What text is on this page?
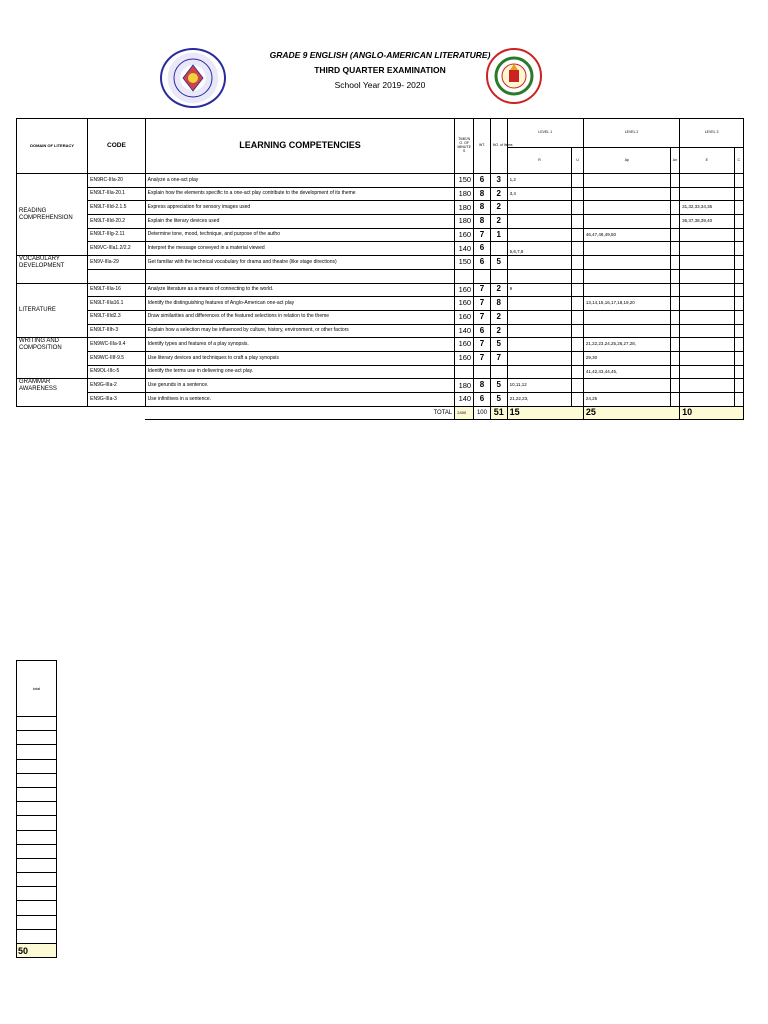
GRADE 9 ENGLISH (ANGLO-AMERICAN LITERATURE)
THIRD QUARTER EXAMINATION
School Year 2019- 2020
DOMAIN OF LITERACY	CODE	LEARNING COMPETENCIES	TIME/N O. OF MINUTE S	WT.	NO. of Items	LEVEL 1		LEVEL 2		LEVEL 3	
						R	U	Ap	An	E	C
READING COMPREHENSION	EN9RC-IIIa-20	Analyze a one-act play	150	6	3	1,2					
	EN9LT-IIIa-20.1	Explain how the elements specific to a one-act play contribute to the development of its theme	180	8	2	3,4					
	EN9LT-IIId-2.1.5	Express appreciation for sensory images used	180	8	2					31,32,33,34,35	
	EN9LT-IIId-20.2	Explain the literary devices used	180	8	2					36,37,38,39,40	
	EN9LT-IIIg-2.11	Determine tone, mood, technique, and purpose of the autho	160	7	1			46,47,48,49,50			
	EN9VC-IIIa1.2/2.2	Interpret the message conveyed in a material viewed	140	6		5,6,7,8					
VOCABULARY DEVELOPMENT	EN9V-IIIa-29	Get familiar with the technical vocabulary for drama and theatre (like stage directions)	150	6	5						

LITERATURE	EN9LT-IIIa-16	Analyze literature as a means of connecting to the world.	160	7	2	9					
	EN9LT-IIIa16.1	Identify the distinguishing features of Anglo-American one-act play	160	7	8			13,14,15,16,17,18,19,20			
	EN9LT-IIId2.3	Draw similarities and differences of the featured selections in relation to the theme	160	7	2						
	EN9LT-IIIh-3	Explain how a selection may be influenced by culture, history, environment, or other factors	140	6	2						
WRITING AND COMPOSITION	EN9WC-IIIa-9.4	Identify types and features of a play synopsis.	160	7	5			21,22,23,24,25,26,27,28,			
	EN9WC-IIIf-9.5	Use literary devices and techniques to craft a play synopsis	160	7	7			29,30			
	EN9OL-IIIc-5	Identify the terms use in delivering one-act play.						41,42,43,44,45,			
GRAMMAR AWARENESS	EN9G-IIIa-2	Use gerunds in a sentence.	180	8	5	10,11,12					
	EN9G-IIIa-3	Use infinitives in a sentence.	140	6	5	21,22,23,		24,25			
		TOTAL	2400	100	51	15		25		10	
total

50
